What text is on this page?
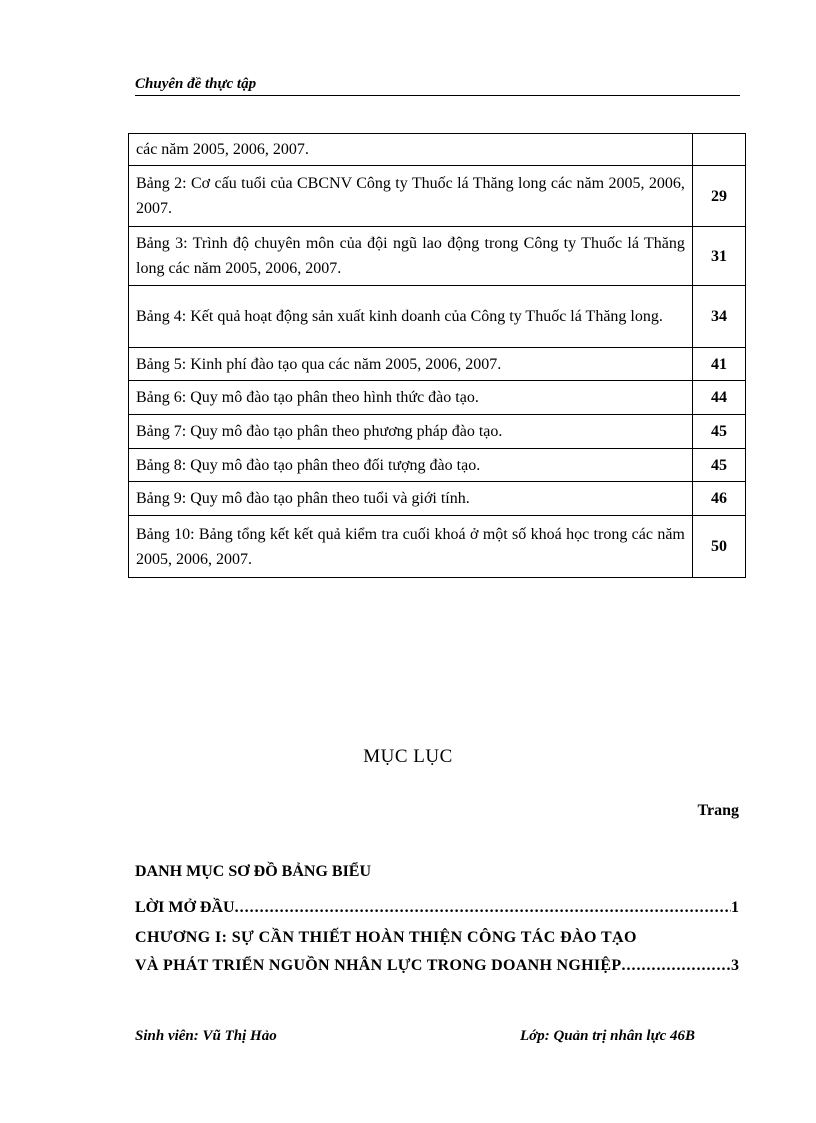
Chuyên đề thực tập
các năm 2005, 2006, 2007.	
Bảng 2: Cơ cấu tuổi của CBCNV Công ty Thuốc lá Thăng long các năm 2005, 2006, 2007.	29
Bảng 3: Trình độ chuyên môn của đội ngũ lao động trong Công ty Thuốc lá Thăng long các năm 2005, 2006, 2007.	31
Bảng 4: Kết quả hoạt động sản xuất kinh doanh của Công ty Thuốc lá Thăng long.	34
Bảng 5: Kinh phí đào tạo qua các năm 2005, 2006, 2007.	41
Bảng 6: Quy mô đào tạo phân theo hình thức đào tạo.	44
Bảng 7: Quy mô đào tạo phân theo phương pháp đào tạo.	45
Bảng 8: Quy mô đào tạo phân theo đối tượng đào tạo.	45
Bảng 9: Quy mô đào tạo phân theo tuổi và giới tính.	46
Bảng 10: Bảng tổng kết kết quả kiểm tra cuối khoá ở một số khoá học trong các năm 2005, 2006, 2007.	50
MỤC LỤC
Trang
DANH MỤC SƠ ĐỒ BẢNG BIỂU
LỜI MỞ ĐẦU .....	1
CHƯƠNG I: SỰ CẦN THIẾT HOÀN THIỆN CÔNG TÁC ĐÀO TẠO
VÀ PHÁT TRIỂN NGUỒN NHÂN LỰC TRONG DOANH NGHIỆP .....	3
Sinh viên: Vũ Thị Hảo	Lớp: Quản trị nhân lực 46B
